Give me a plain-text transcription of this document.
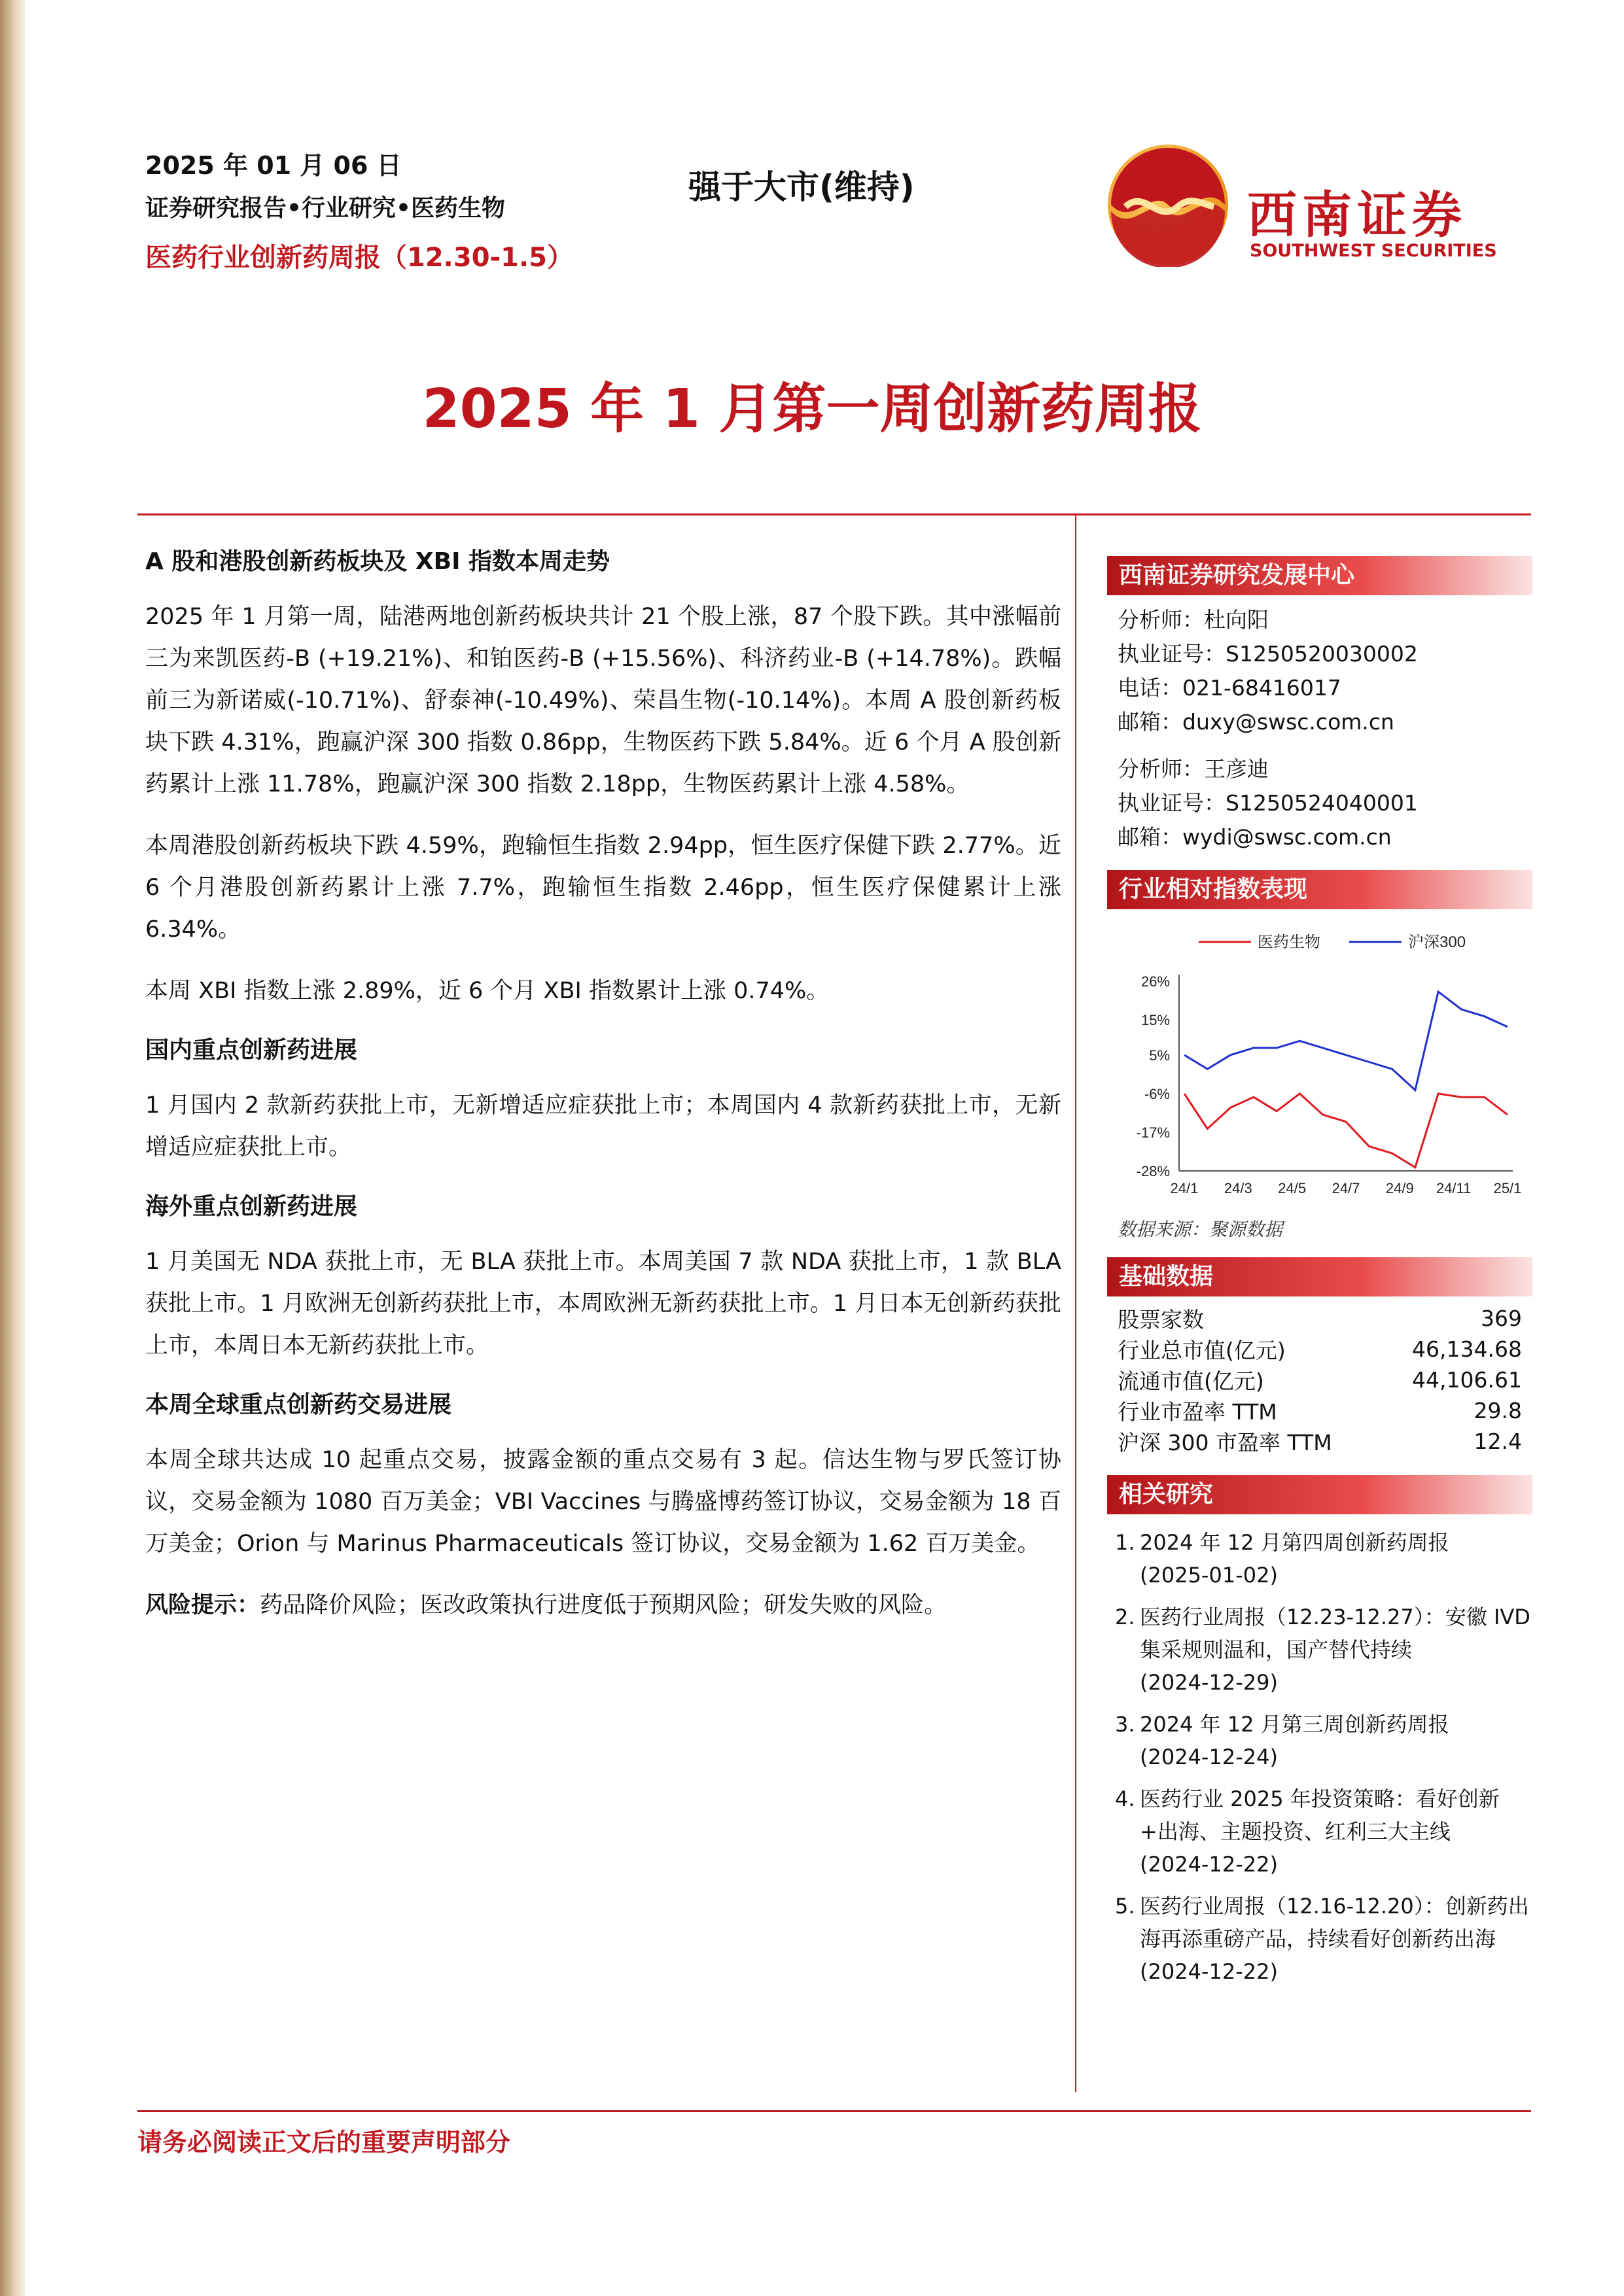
2025 年 01 月 06 日
证券研究报告•行业研究•医药生物
医药行业创新药周报（12.30-1.5）
强于大市(维持)	西南证券
SOUTHWEST SECURITIES
2025 年 1 月第一周创新药周报
A 股和港股创新药板块及 XBI 指数本周走势
2025 年 1 月第一周，陆港两地创新药板块共计 21 个股上涨，87 个股下跌。其中涨幅前三为来凯医药-B (+19.21%)、和铂医药-B (+15.56%)、科济药业-B (+14.78%)。跌幅前三为新诺威(-10.71%)、舒泰神(-10.49%)、荣昌生物(-10.14%)。本周 A 股创新药板块下跌 4.31%，跑赢沪深 300 指数 0.86pp，生物医药下跌 5.84%。近 6 个月 A 股创新药累计上涨 11.78%，跑赢沪深 300 指数 2.18pp，生物医药累计上涨 4.58%。
本周港股创新药板块下跌 4.59%，跑输恒生指数 2.94pp，恒生医疗保健下跌 2.77%。近 6 个月港股创新药累计上涨 7.7%，跑输恒生指数 2.46pp，恒生医疗保健累计上涨 6.34%。
本周 XBI 指数上涨 2.89%，近 6 个月 XBI 指数累计上涨 0.74%。
国内重点创新药进展
1 月国内 2 款新药获批上市，无新增适应症获批上市；本周国内 4 款新药获批上市，无新增适应症获批上市。
海外重点创新药进展
1 月美国无 NDA 获批上市，无 BLA 获批上市。本周美国 7 款 NDA 获批上市，1 款 BLA 获批上市。1 月欧洲无创新药获批上市，本周欧洲无新药获批上市。1 月日本无创新药获批上市，本周日本无新药获批上市。
本周全球重点创新药交易进展
本周全球共达成 10 起重点交易，披露金额的重点交易有 3 起。信达生物与罗氏签订协议，交易金额为 1080 百万美金；VBI Vaccines 与腾盛博药签订协议，交易金额为 18 百万美金；Orion 与 Marinus Pharmaceuticals 签订协议，交易金额为 1.62 百万美金。
风险提示：药品降价风险；医改政策执行进度低于预期风险；研发失败的风险。
西南证券研究发展中心
分析师：杜向阳
执业证号：S1250520030002
电话：021-68416017
邮箱：duxy@swsc.com.cn
分析师：王彦迪
执业证号：S1250524040001
邮箱：wydi@swsc.com.cn
行业相对指数表现
26%
15%
5%
-6%
-17%
-28%
24/1 24/3 24/5 24/7 24/9 24/11 25/1
医药生物	沪深300
数据来源：聚源数据
基础数据
股票家数	369
行业总市值(亿元)	46,134.68
流通市值(亿元)	44,106.61
行业市盈率 TTM	29.8
沪深 300 市盈率 TTM	12.4
相关研究
1. 2024 年 12 月第四周创新药周报
(2025-01-02)
2. 医药行业周报（12.23-12.27）：安徽 IVD 集采规则温和，国产替代持续
(2024-12-29)
3. 2024 年 12 月第三周创新药周报
(2024-12-24)
4. 医药行业 2025 年投资策略：看好创新+出海、主题投资、红利三大主线
(2024-12-22)
5. 医药行业周报（12.16-12.20）：创新药出海再添重磅产品，持续看好创新药出海
(2024-12-22)
请务必阅读正文后的重要声明部分
